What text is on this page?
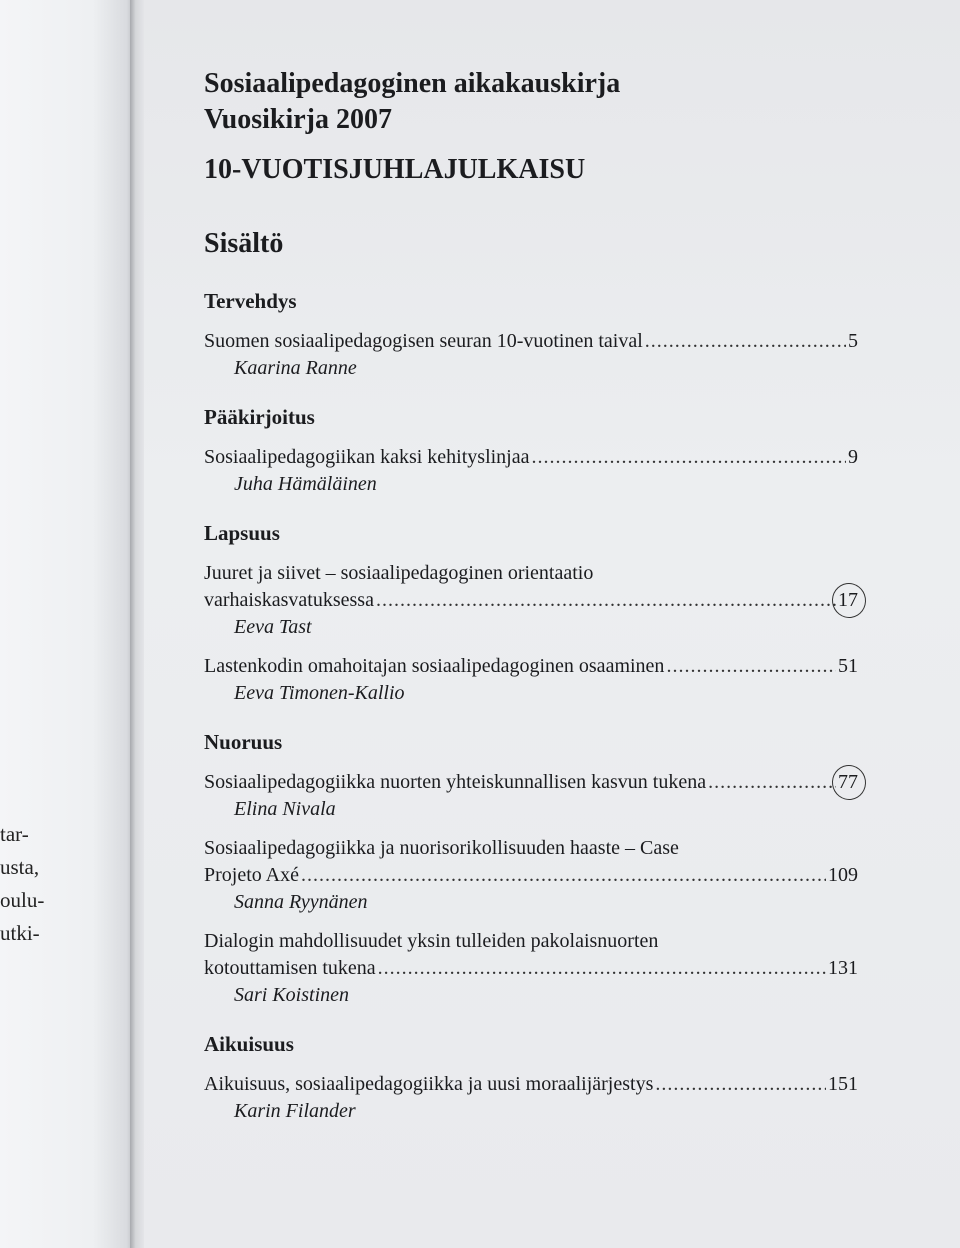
tar-
usta,
oulu-
utki-
Sosiaalipedagoginen aikakauskirja
Vuosikirja 2007
10-VUOTISJUHLAJULKAISU
Sisältö
Tervehdys
Suomen sosiaalipedagogisen seuran 10-vuotinen taival .....	5
Kaarina Ranne
Pääkirjoitus
Sosiaalipedagogiikan kaksi kehityslinjaa .....	9
Juha Hämäläinen
Lapsuus
Juuret ja siivet – sosiaalipedagoginen orientaatio
varhaiskasvatuksessa .....	17
Eeva Tast
Lastenkodin omahoitajan sosiaalipedagoginen osaaminen .....	51
Eeva Timonen-Kallio
Nuoruus
Sosiaalipedagogiikka nuorten yhteiskunnallisen kasvun tukena .....	77
Elina Nivala
Sosiaalipedagogiikka ja nuorisorikollisuuden haaste – Case
Projeto Axé .....	109
Sanna Ryynänen
Dialogin mahdollisuudet yksin tulleiden pakolaisnuorten
kotouttamisen tukena .....	131
Sari Koistinen
Aikuisuus
Aikuisuus, sosiaalipedagogiikka ja uusi moraalijärjestys .....	151
Karin Filander
